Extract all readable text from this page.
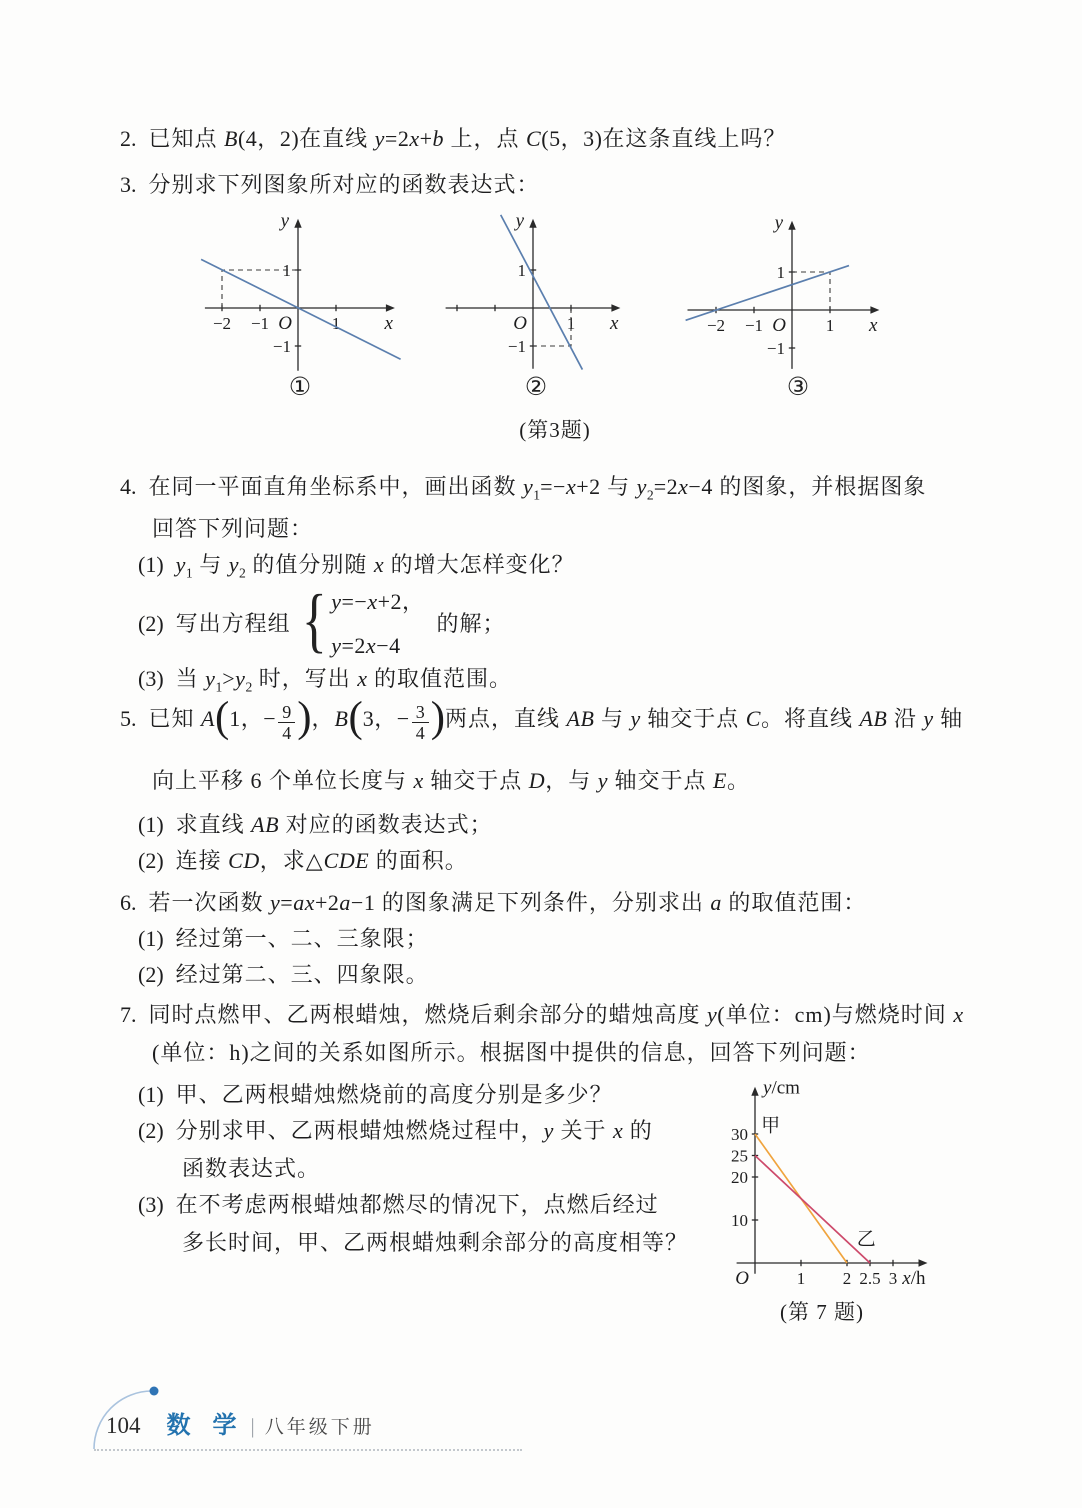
2. 已知点 B(4，2)在直线 y=2x+b 上，点 C(5，3)在这条直线上吗？
3. 分别求下列图象所对应的函数表达式：
−2 −1	1
1
−1
x
y
O	1
1
−1
x
y
O	−2 −1	1
1
−1
x
y
O
①	②	③
(第3题)
4. 在同一平面直角坐标系中，画出函数 $y_1=-x+2$ 与 $y_2=2x-4$ 的图象，并根据图象
回答下列问题：
(1) $y_1$ 与 $y_2$ 的值分别随 x 的增大怎样变化？
(2) 写出方程组 { y=−x+2，
y=2x−4
的解；
(3) 当 $y_1>y_2$ 时，写出 x 的取值范围。
5. 已知 A(1，− $\frac{9}{4}$ )，B(3，− $\frac{3}{4}$ )两点，直线 AB 与 y 轴交于点 C。将直线 AB 沿 y 轴
向上平移 6 个单位长度与 x 轴交于点 D，与 y 轴交于点 E。
(1) 求直线 AB 对应的函数表达式；
(2) 连接 CD，求△CDE 的面积。
6. 若一次函数 y=ax+2a−1 的图象满足下列条件，分别求出 a 的取值范围：
(1) 经过第一、二、三象限；
(2) 经过第二、三、四象限。
7. 同时点燃甲、乙两根蜡烛，燃烧后剩余部分的蜡烛高度 y(单位：cm)与燃烧时间 x
(单位：h)之间的关系如图所示。根据图中提供的信息，回答下列问题：
(1) 甲、乙两根蜡烛燃烧前的高度分别是多少？
(2) 分别求甲、乙两根蜡烛燃烧过程中，y 关于 x 的
函数表达式。
(3) 在不考虑两根蜡烛都燃尽的情况下，点燃后经过
多长时间，甲、乙两根蜡烛剩余部分的高度相等？
1 2 2.5 3
30
25
20
10
甲
乙
x/h
y/cm
O
(第 7 题)
104 数 学 | 八年级下册
